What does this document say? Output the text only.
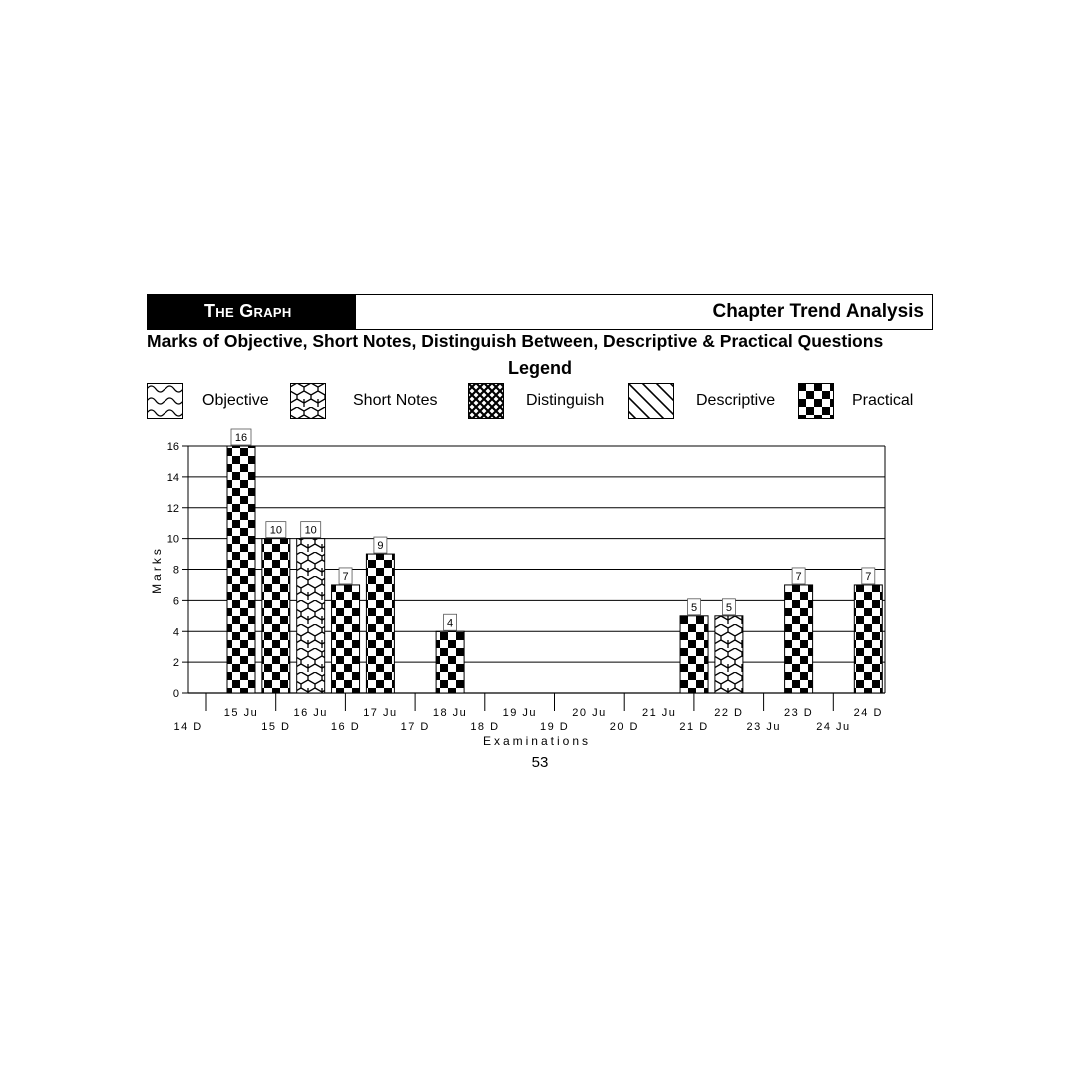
The Graph	Chapter Trend Analysis
Marks of Objective, Short Notes, Distinguish Between, Descriptive & Practical Questions
Legend
Objective	Short Notes	Distinguish	Descriptive	Practical
0
2
4
6
8
10
12
14
16
14 D
15 Ju
15 D
16 Ju
16 D
17 Ju
17 D
18 Ju
18 D
19 Ju
19 D
20 Ju
20 D
21 Ju
21 D
22 D
23 Ju
23 D
24 Ju
24 D
10
5
16
10
7
9
4
5
7	7
Examinations
Marks
53
